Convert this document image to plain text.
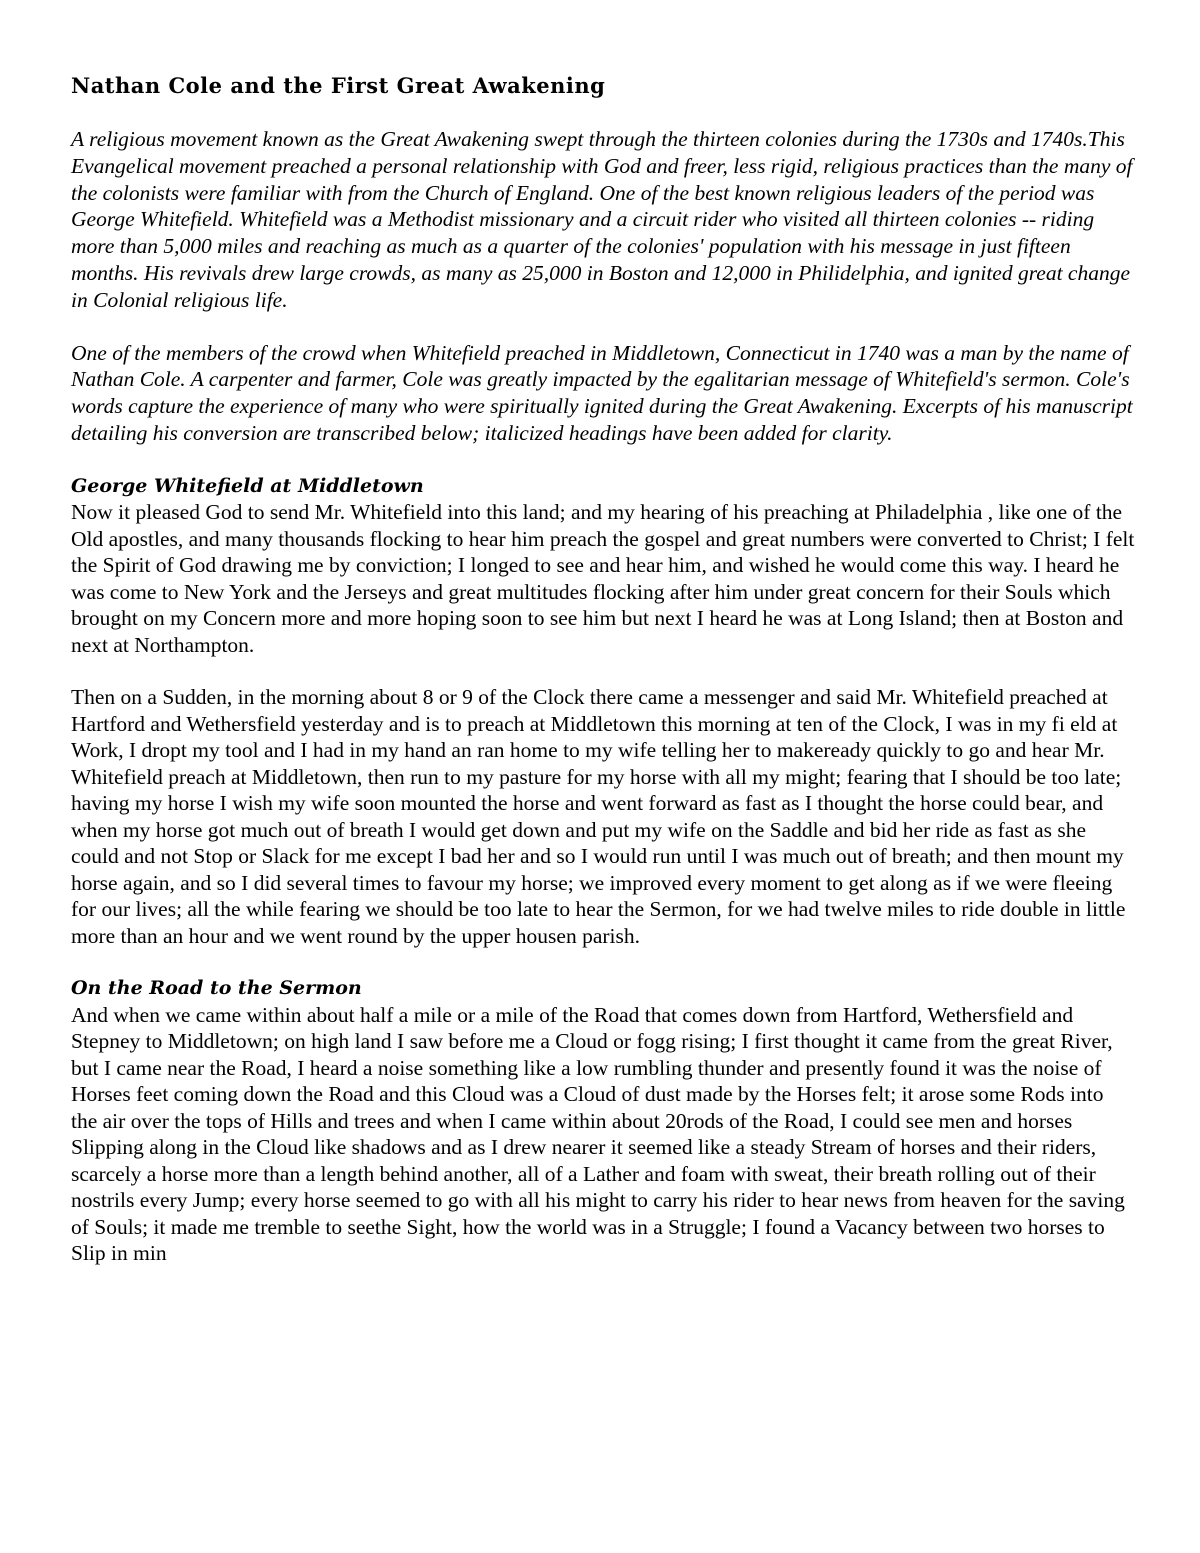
Nathan Cole and the First Great Awakening

A religious movement known as the Great Awakening swept through the thirteen colonies during the 1730s and 1740s.This Evangelical movement preached a personal relationship with God and freer, less rigid, religious practices than the many of the colonists were familiar with from the Church of England. One of the best known religious leaders of the period was George Whitefield. Whitefield was a Methodist missionary and a circuit rider who visited all thirteen colonies -- riding more than 5,000 miles and reaching as much as a quarter of the colonies' population with his message in just fifteen months. His revivals drew large crowds, as many as 25,000 in Boston and 12,000 in Philidelphia, and ignited great change in Colonial religious life.

One of the members of the crowd when Whitefield preached in Middletown, Connecticut in 1740 was a man by the name of Nathan Cole. A carpenter and farmer, Cole was greatly impacted by the egalitarian message of Whitefield's sermon. Cole's words capture the experience of many who were spiritually ignited during the Great Awakening. Excerpts of his manuscript detailing his conversion are transcribed below; italicized headings have been added for clarity.

George Whitefield at Middletown

Now it pleased God to send Mr. Whitefield into this land; and my hearing of his preaching at Philadelphia , like one of the Old apostles, and many thousands flocking to hear him preach the gospel and great numbers were converted to Christ; I felt the Spirit of God drawing me by conviction; I longed to see and hear him, and wished he would come this way. I heard he was come to New York and the Jerseys and great multitudes flocking after him under great concern for their Souls which brought on my Concern more and more hoping soon to see him but next I heard he was at Long Island; then at Boston and next at Northampton.

Then on a Sudden, in the morning about 8 or 9 of the Clock there came a messenger and said Mr. Whitefield preached at Hartford and Wethersfield yesterday and is to preach at Middletown this morning at ten of the Clock, I was in my fi eld at Work, I dropt my tool and I had in my hand an ran home to my wife telling her to makeready quickly to go and hear Mr. Whitefield preach at Middletown, then run to my pasture for my horse with all my might; fearing that I should be too late; having my horse I wish my wife soon mounted the horse and went forward as fast as I thought the horse could bear, and when my horse got much out of breath I would get down and put my wife on the Saddle and bid her ride as fast as she could and not Stop or Slack for me except I bad her and so I would run until I was much out of breath; and then mount my horse again, and so I did several times to favour my horse; we improved every moment to get along as if we were fleeing for our lives; all the while fearing we should be too late to hear the Sermon, for we had twelve miles to ride double in little more than an hour and we went round by the upper housen parish.

On the Road to the Sermon

And when we came within about half a mile or a mile of the Road that comes down from Hartford, Wethersfield and Stepney to Middletown; on high land I saw before me a Cloud or fogg rising; I first thought it came from the great River, but I came near the Road, I heard a noise something like a low rumbling thunder and presently found it was the noise of Horses feet coming down the Road and this Cloud was a Cloud of dust made by the Horses felt; it arose some Rods into the air over the tops of Hills and trees and when I came within about 20rods of the Road, I could see men and horses Slipping along in the Cloud like shadows and as I drew nearer it seemed like a steady Stream of horses and their riders, scarcely a horse more than a length behind another, all of a Lather and foam with sweat, their breath rolling out of their nostrils every Jump; every horse seemed to go with all his might to carry his rider to hear news from heaven for the saving of Souls; it made me tremble to seethe Sight, how the world was in a Struggle; I found a Vacancy between two horses to Slip in min
